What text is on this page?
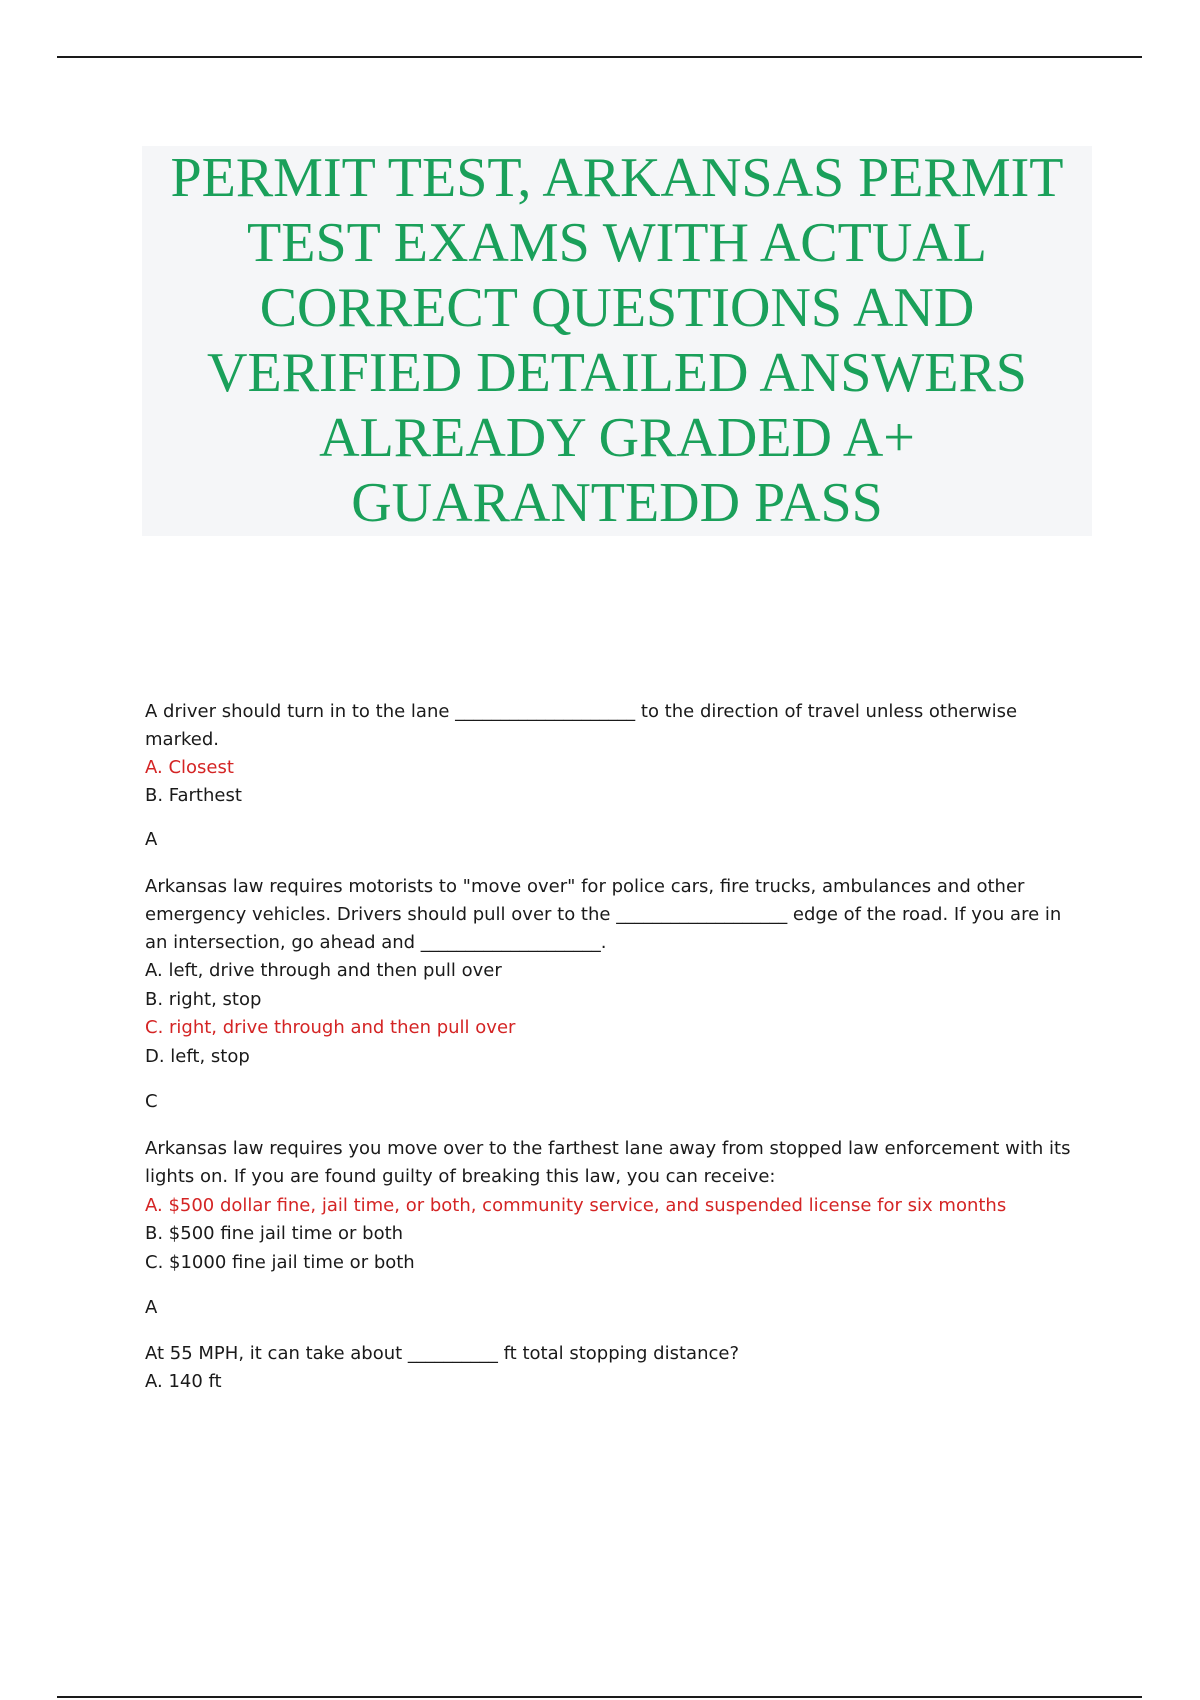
PERMIT TEST, ARKANSAS PERMIT
TEST EXAMS WITH ACTUAL
CORRECT QUESTIONS AND
VERIFIED DETAILED ANSWERS
ALREADY GRADED A+
GUARANTEDD PASS
A driver should turn in to the lane ____________________ to the direction of travel unless otherwise
marked.
A. Closest
B. Farthest
A
Arkansas law requires motorists to "move over" for police cars, fire trucks, ambulances and other
emergency vehicles. Drivers should pull over to the ___________________ edge of the road. If you are in
an intersection, go ahead and ____________________.
A. left, drive through and then pull over
B. right, stop
C. right, drive through and then pull over
D. left, stop
C
Arkansas law requires you move over to the farthest lane away from stopped law enforcement with its
lights on. If you are found guilty of breaking this law, you can receive:
A. $500 dollar fine, jail time, or both, community service, and suspended license for six months
B. $500 fine jail time or both
C. $1000 fine jail time or both
A
At 55 MPH, it can take about __________ ft total stopping distance?
A. 140 ft
